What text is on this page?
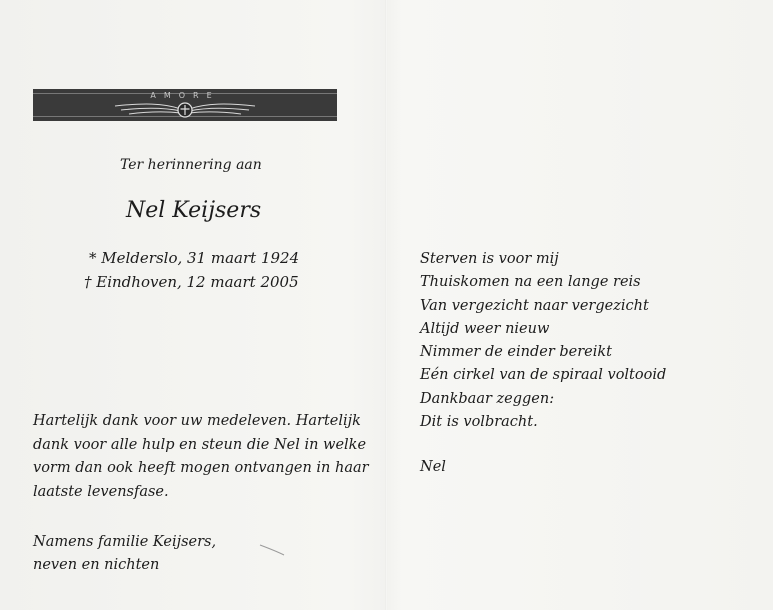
AMORE
Ter herinnering aan
Nel Keijsers
* Melderslo, 31 maart 1924
† Eindhoven, 12 maart 2005
Hartelijk dank voor uw medeleven. Hartelijk
dank voor alle hulp en steun die Nel in welke
vorm dan ook heeft mogen ontvangen in haar
laatste levensfase.
Namens familie Keijsers,
neven en nichten
Sterven is voor mij
Thuiskomen na een lange reis
Van vergezicht naar vergezicht
Altijd weer nieuw
Nimmer de einder bereikt
Eén cirkel van de spiraal voltooid
Dankbaar zeggen:
Dit is volbracht.
Nel
